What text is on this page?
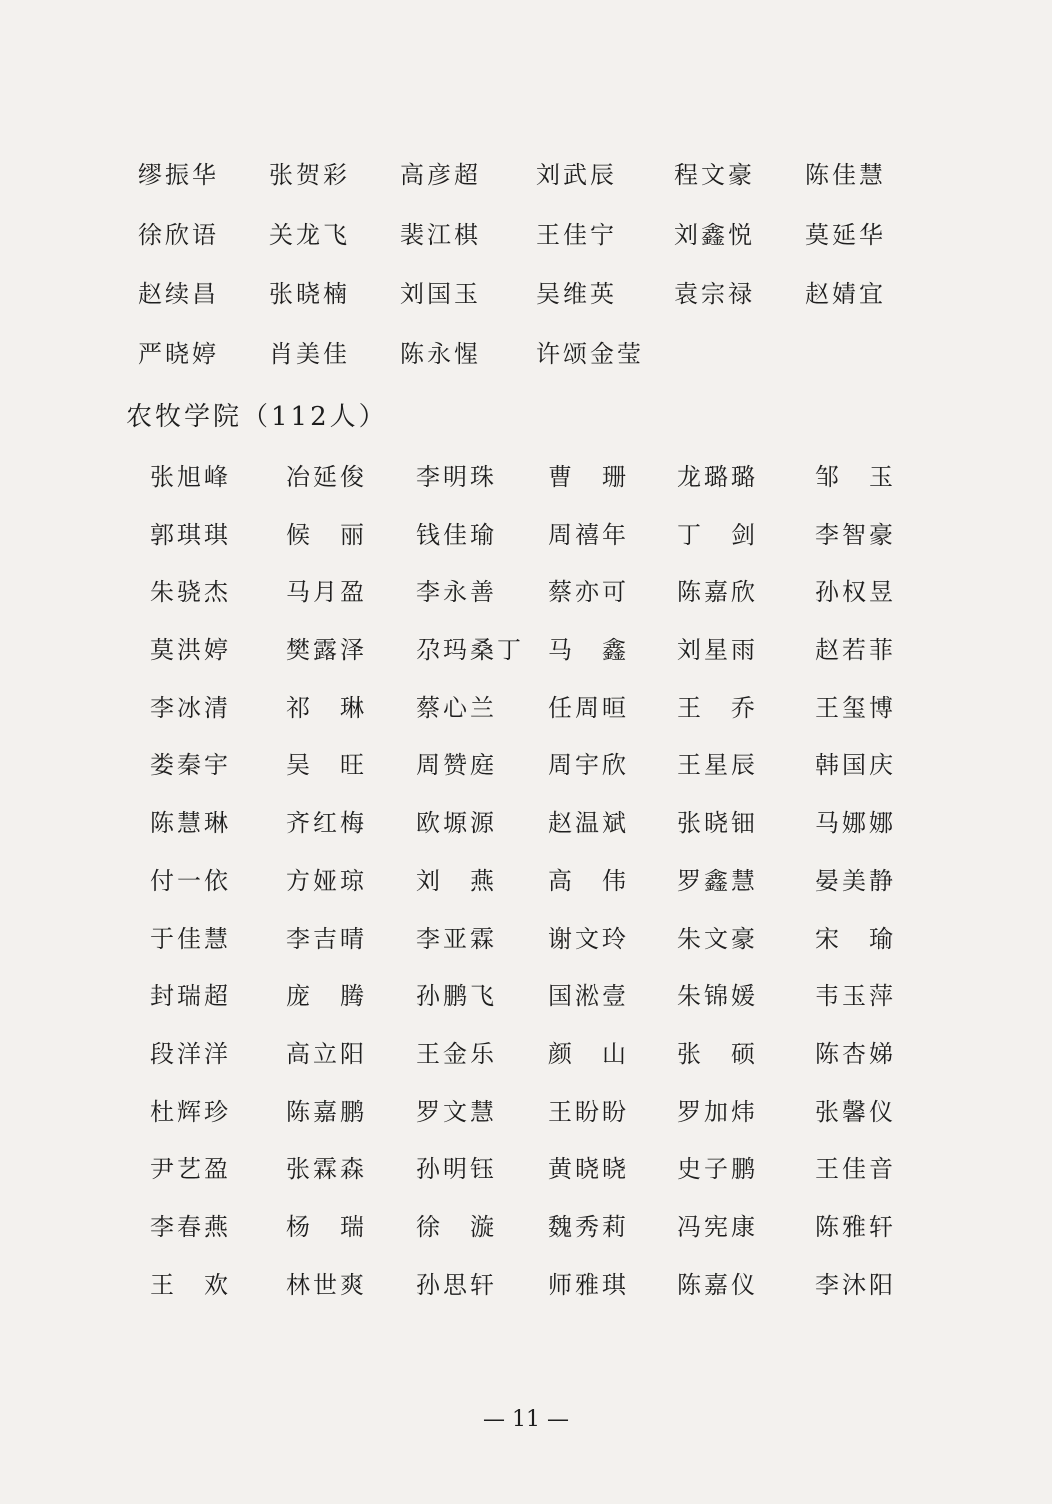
缪振华	张贺彩	高彦超	刘武辰	程文豪	陈佳慧
徐欣语	关龙飞	裴江棋	王佳宁	刘鑫悦	莫延华
赵续昌	张晓楠	刘国玉	吴维英	袁宗禄	赵婧宜
严晓婷	肖美佳	陈永惺	许颂金莹
农牧学院（112人）
张旭峰	冶延俊	李明珠	曹　珊	龙璐璐	邹　玉
郭琪琪	候　丽	钱佳瑜	周禧年	丁　剑	李智豪
朱骁杰	马月盈	李永善	蔡亦可	陈嘉欣	孙权昱
莫洪婷	樊露泽	尕玛桑丁	马　鑫	刘星雨	赵若菲
李冰清	祁　琳	蔡心兰	任周晅	王　乔	王玺博
娄秦宇	吴　旺	周赞庭	周宇欣	王星辰	韩国庆
陈慧琳	齐红梅	欧塬源	赵温斌	张晓钿	马娜娜
付一依	方娅琼	刘　燕	高　伟	罗鑫慧	晏美静
于佳慧	李吉晴	李亚霖	谢文玲	朱文豪	宋　瑜
封瑞超	庞　腾	孙鹏飞	国淞壹	朱锦媛	韦玉萍
段洋洋	高立阳	王金乐	颜　山	张　硕	陈杏娣
杜辉珍	陈嘉鹏	罗文慧	王盼盼	罗加炜	张馨仪
尹艺盈	张霖森	孙明钰	黄晓晓	史子鹏	王佳音
李春燕	杨　瑞	徐　漩	魏秀莉	冯宪康	陈雅轩
王　欢	林世爽	孙思轩	师雅琪	陈嘉仪	李沐阳
— 11 —
